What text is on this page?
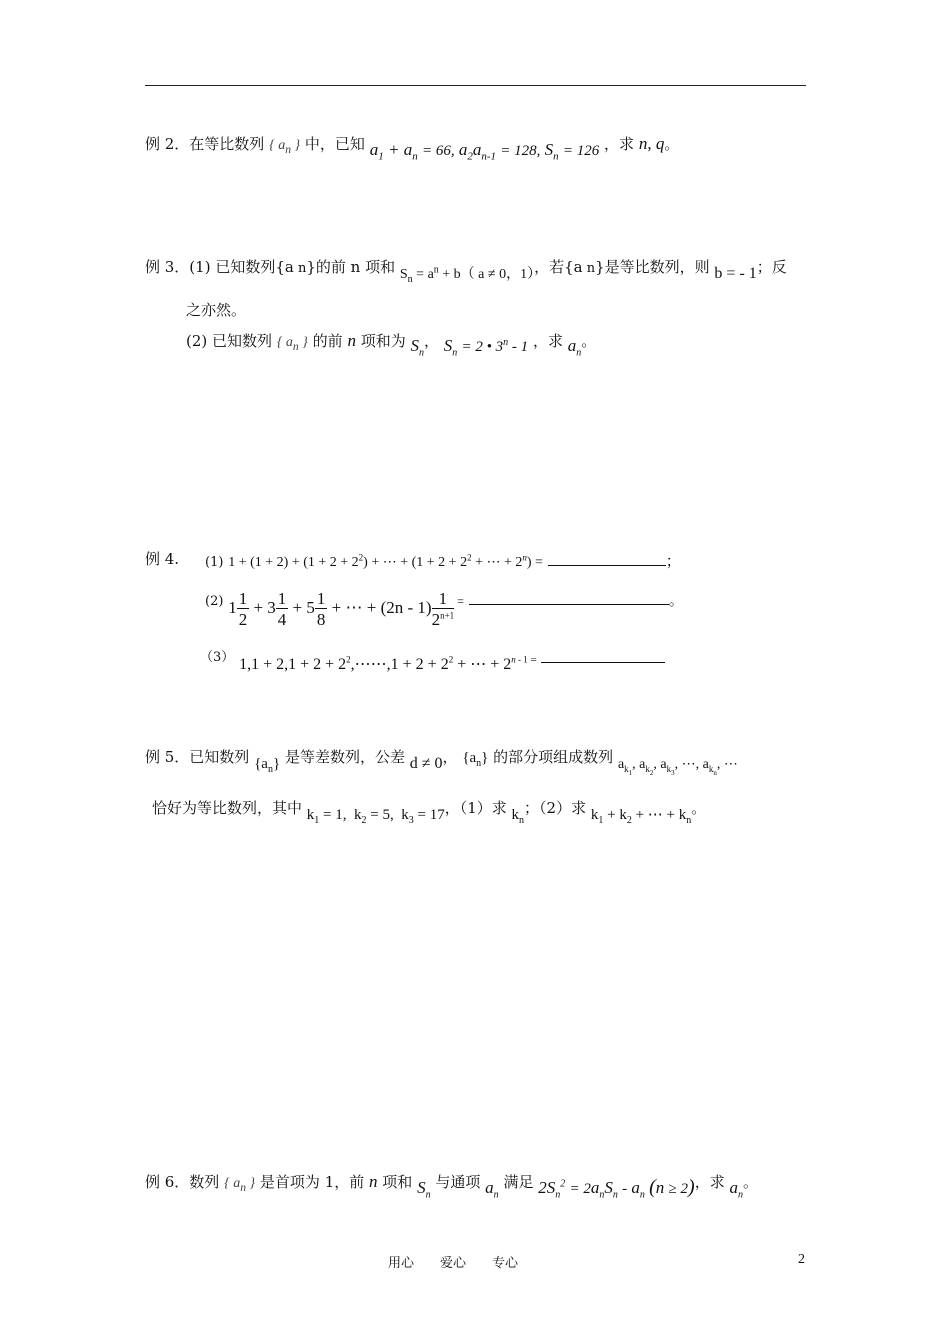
例 2．在等比数列 { $a_n$ } 中，已知 $a_1 + a_n = 66$, $a_2a_{n-1} = 128$, $S_n = 126$ ，求 n, q。
例 3．(1) 已知数列{a n}的前 n 项和 $S_n = a^n + b$（ a ≠ 0，1），若{a n}是等比数列，则 b = - 1；反
之亦然。
(2) 已知数列 { $a_n$ } 的前 n 项和为 $S_n$， $S_n = 2$ • 3$^n$ - 1 ，求 $a_n$。
例 4. (1) $1 + (1 + 2) + (1 + 2 + 2^2)$ + ⋯ + ($1 + 2 + 2^2$ + ⋯ + $2^n$) =	；
(2) $1 \frac{1}{2} + 3 \frac{1}{4} + 5 \frac{1}{8}$ + ⋯ + $(2n - 1) \frac{1}{2^{n+1}} ^=$	。
（3） $1,1 + 2,1 + 2 + 2^2,\cdots\cdots,1 + 2 + 2^2$ + ⋯ + $2^{n - 1}$ =
例 5．已知数列 $\{a_n\}$ 是等差数列，公差 d ≠ 0， $\{a_n\}$ 的部分项组成数列 $a_{k_1}$, $a_{k_2}$, $a_{k_3}$, ⋯, $a_{k_n}$, ⋯
恰好为等比数列，其中 $k_1 = 1$,  $k_2 = 5$,  $k_3 = 17$，（1）求 $k_n$；（2）求 $k_1 + k_2$ + ⋯ + $k_n$。
例 6．数列 { $a_n$ } 是首项为 1，前 n 项和 $S_n$ 与通项 $a_n$ 满足 $2S_n^2 = 2a_nS_n - a_n$ (n ≥ 2)，求 $a_n$。
用心　　爱心　　专心	2
